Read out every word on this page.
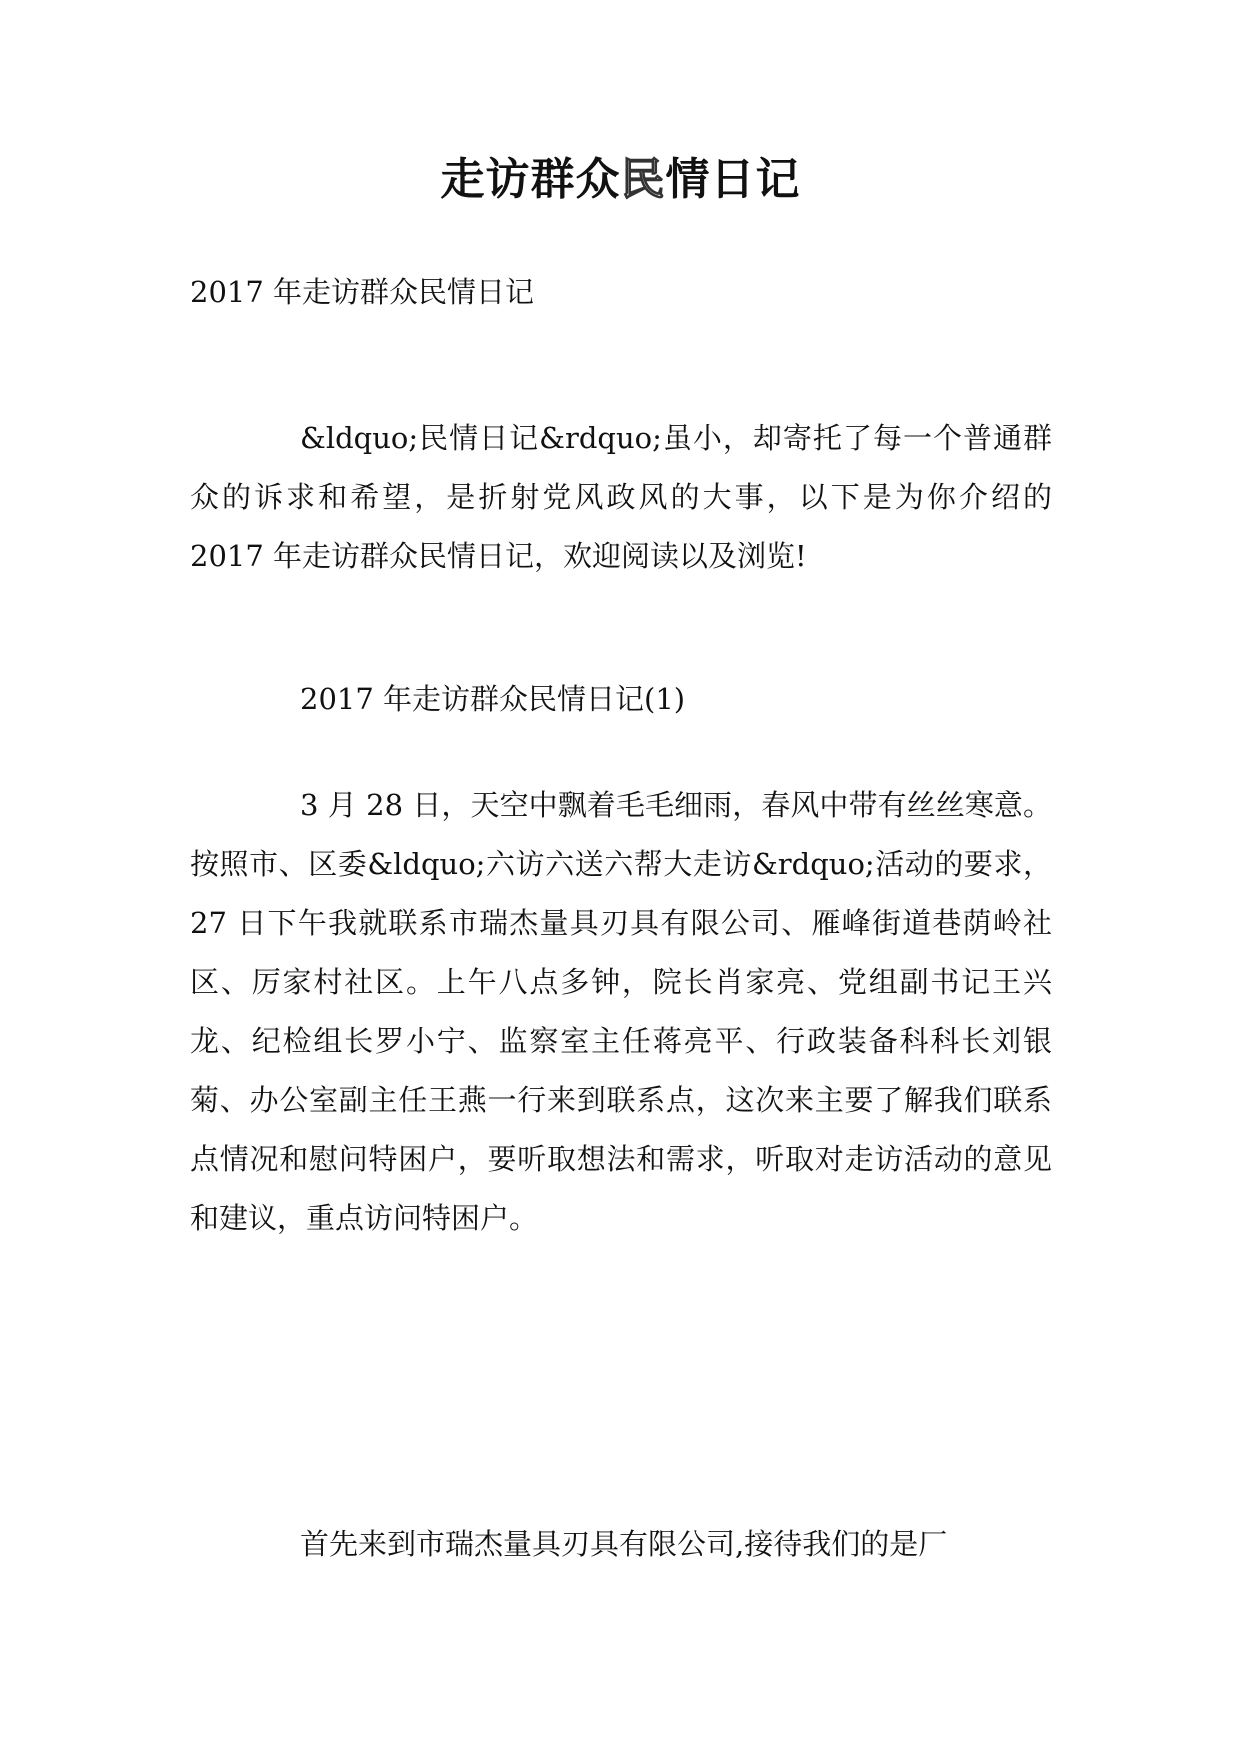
走访群众民情日记

2017 年走访群众民情日记

&ldquo;民情日记&rdquo;虽小，却寄托了每一个普通群众的诉求和希望，是折射党风政风的大事，以下是为你介绍的 2017 年走访群众民情日记，欢迎阅读以及浏览!

2017 年走访群众民情日记(1)

3 月 28 日，天空中飘着毛毛细雨，春风中带有丝丝寒意。按照市、区委&ldquo;六访六送六帮大走访&rdquo;活动的要求，27 日下午我就联系市瑞杰量具刃具有限公司、雁峰街道巷荫岭社区、厉家村社区。上午八点多钟，院长肖家亮、党组副书记王兴龙、纪检组长罗小宁、监察室主任蒋亮平、行政装备科科长刘银菊、办公室副主任王燕一行来到联系点，这次来主要了解我们联系点情况和慰问特困户，要听取想法和需求，听取对走访活动的意见和建议，重点访问特困户。

首先来到市瑞杰量具刃具有限公司,接待我们的是厂
